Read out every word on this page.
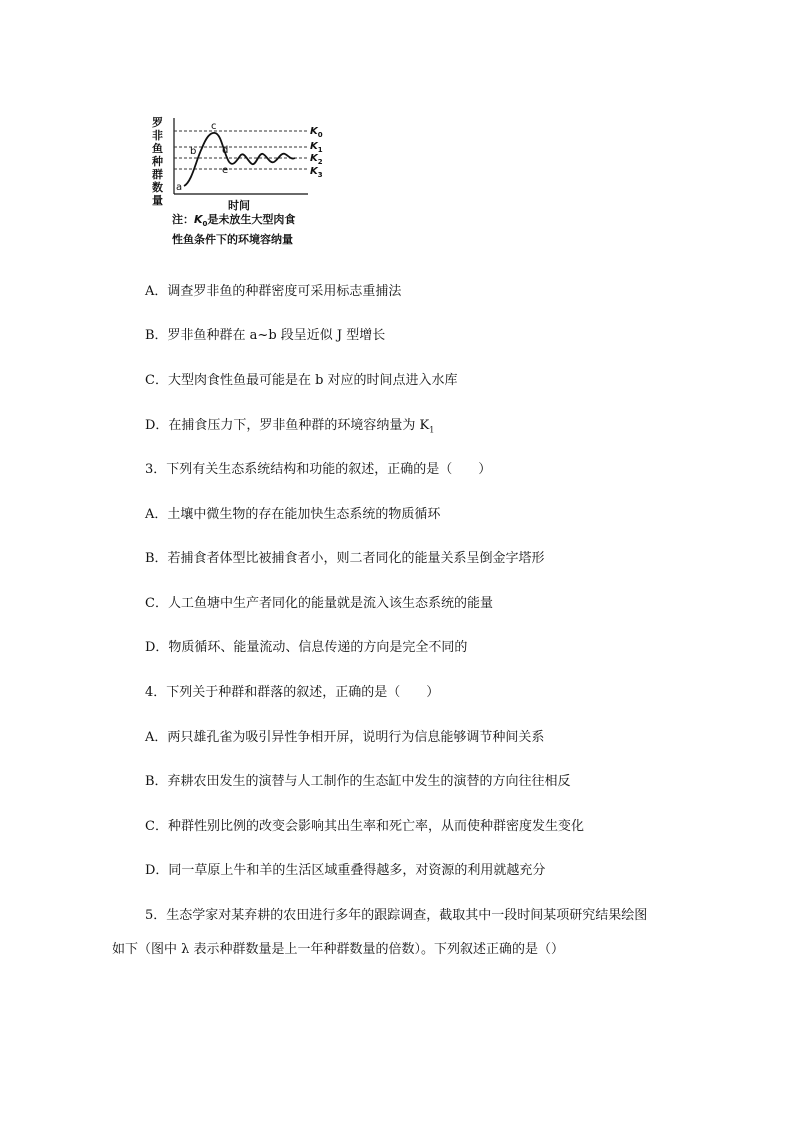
罗
非
鱼
种
群
数
量
$K_0$
$K_1$
$K_2$
$K_3$
a
b
c
d
e
时间
注：$K_0$是未放生大型肉食
性鱼条件下的环境容纳量
A．调查罗非鱼的种群密度可采用标志重捕法
B．罗非鱼种群在 a~b 段呈近似 J 型增长
C．大型肉食性鱼最可能是在 b 对应的时间点进入水库
D．在捕食压力下，罗非鱼种群的环境容纳量为 $K_1$
3．下列有关生态系统结构和功能的叙述，正确的是（　　）
A．土壤中微生物的存在能加快生态系统的物质循环
B．若捕食者体型比被捕食者小，则二者同化的能量关系呈倒金字塔形
C．人工鱼塘中生产者同化的能量就是流入该生态系统的能量
D．物质循环、能量流动、信息传递的方向是完全不同的
4．下列关于种群和群落的叙述，正确的是（　　）
A．两只雄孔雀为吸引异性争相开屏，说明行为信息能够调节种间关系
B．弃耕农田发生的演替与人工制作的生态缸中发生的演替的方向往往相反
C．种群性别比例的改变会影响其出生率和死亡率，从而使种群密度发生变化
D．同一草原上牛和羊的生活区域重叠得越多，对资源的利用就越充分
5．生态学家对某弃耕的农田进行多年的跟踪调查，截取其中一段时间某项研究结果绘图
如下（图中 λ 表示种群数量是上一年种群数量的倍数）。下列叙述正确的是（）
